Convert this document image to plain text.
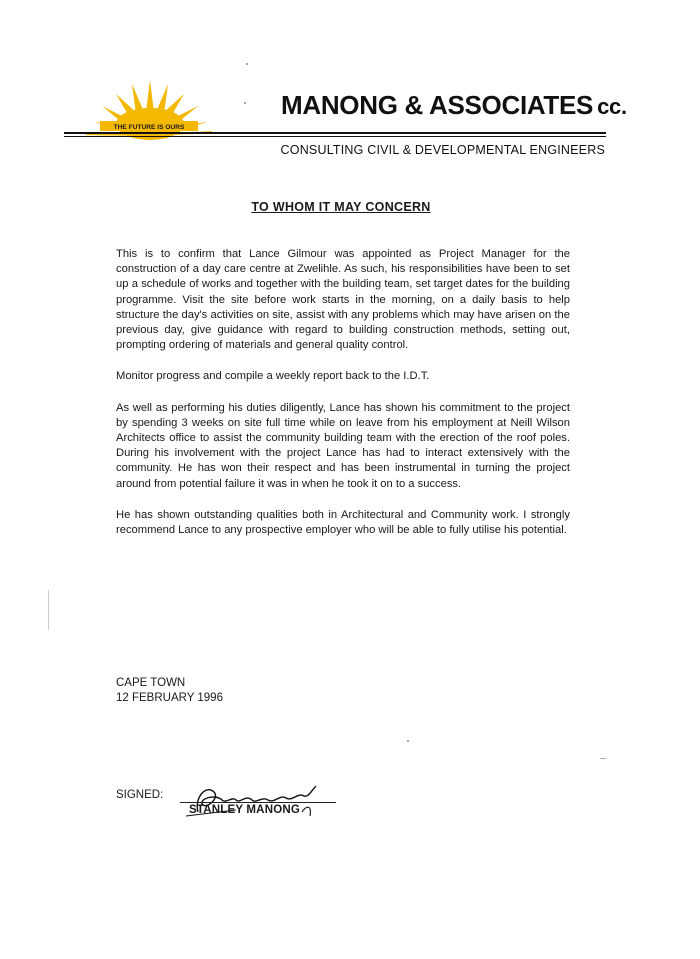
THE FUTURE IS OURS
MANONG & ASSOCIATES cc.
CONSULTING CIVIL & DEVELOPMENTAL ENGINEERS
TO WHOM IT MAY CONCERN

This is to confirm that Lance Gilmour was appointed as Project Manager for the construction of a day care centre at Zwelihle. As such, his responsibilities have been to set up a schedule of works and together with the building team, set target dates for the building programme. Visit the site before work starts in the morning, on a daily basis to help structure the day's activities on site, assist with any problems which may have arisen on the previous day, give guidance with regard to building construction methods, setting out, prompting ordering of materials and general quality control.

Monitor progress and compile a weekly report back to the I.D.T.

As well as performing his duties diligently, Lance has shown his commitment to the project by spending 3 weeks on site full time while on leave from his employment at Neill Wilson Architects office to assist the community building team with the erection of the roof poles. During his involvement with the project Lance has had to interact extensively with the community. He has won their respect and has been instrumental in turning the project around from potential failure it was in when he took it on to a success.

He has shown outstanding qualities both in Architectural and Community work. I strongly recommend Lance to any prospective employer who will be able to fully utilise his potential.

CAPE TOWN
12 FEBRUARY 1996
SIGNED:
STANLEY MANONG
